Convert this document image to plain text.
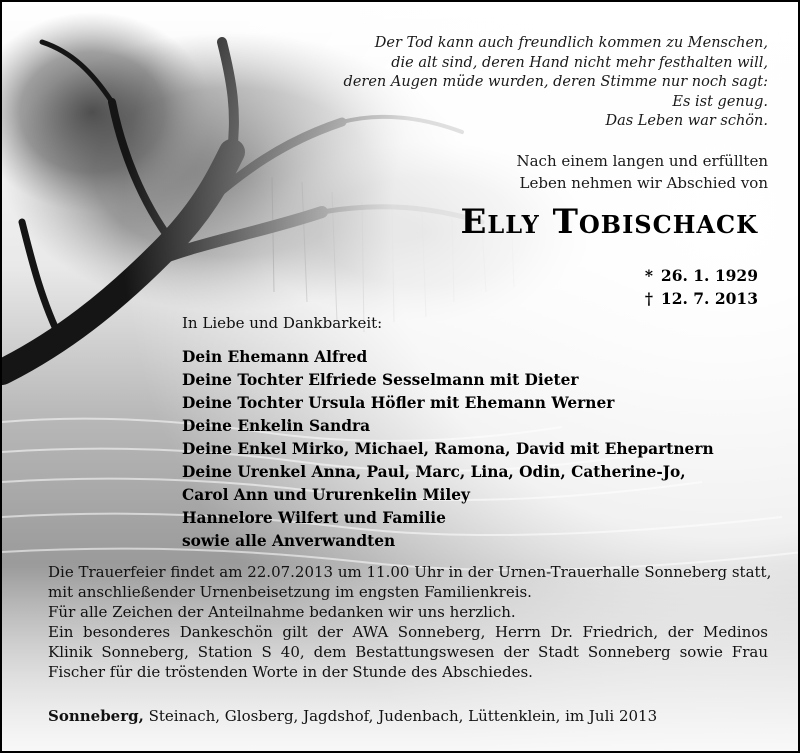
Der Tod kann auch freundlich kommen zu Menschen,
die alt sind, deren Hand nicht mehr festhalten will,
deren Augen müde wurden, deren Stimme nur noch sagt:
Es ist genug.
Das Leben war schön.
Nach einem langen und erfüllten
Leben nehmen wir Abschied von
Elly Tobischack
* 26. 1. 1929
† 12. 7. 2013
In Liebe und Dankbarkeit:
Dein Ehemann Alfred
Deine Tochter Elfriede Sesselmann mit Dieter
Deine Tochter Ursula Höfler mit Ehemann Werner
Deine Enkelin Sandra
Deine Enkel Mirko, Michael, Ramona, David mit Ehepartnern
Deine Urenkel Anna, Paul, Marc, Lina, Odin, Catherine-Jo,
Carol Ann und Ururenkelin Miley
Hannelore Wilfert und Familie
sowie alle Anverwandten
Die Trauerfeier findet am 22.07.2013 um 11.00 Uhr in der Urnen-Trauerhalle Sonneberg statt,
mit anschließender Urnenbeisetzung im engsten Familienkreis.
Für alle Zeichen der Anteilnahme bedanken wir uns herzlich.
Ein besonderes Dankeschön gilt der AWA Sonneberg, Herrn Dr. Friedrich, der Medinos
Klinik Sonneberg, Station S 40, dem Bestattungswesen der Stadt Sonneberg sowie Frau
Fischer für die tröstenden Worte in der Stunde des Abschiedes.
Sonneberg, Steinach, Glosberg, Jagdshof, Judenbach, Lüttenklein, im Juli 2013
